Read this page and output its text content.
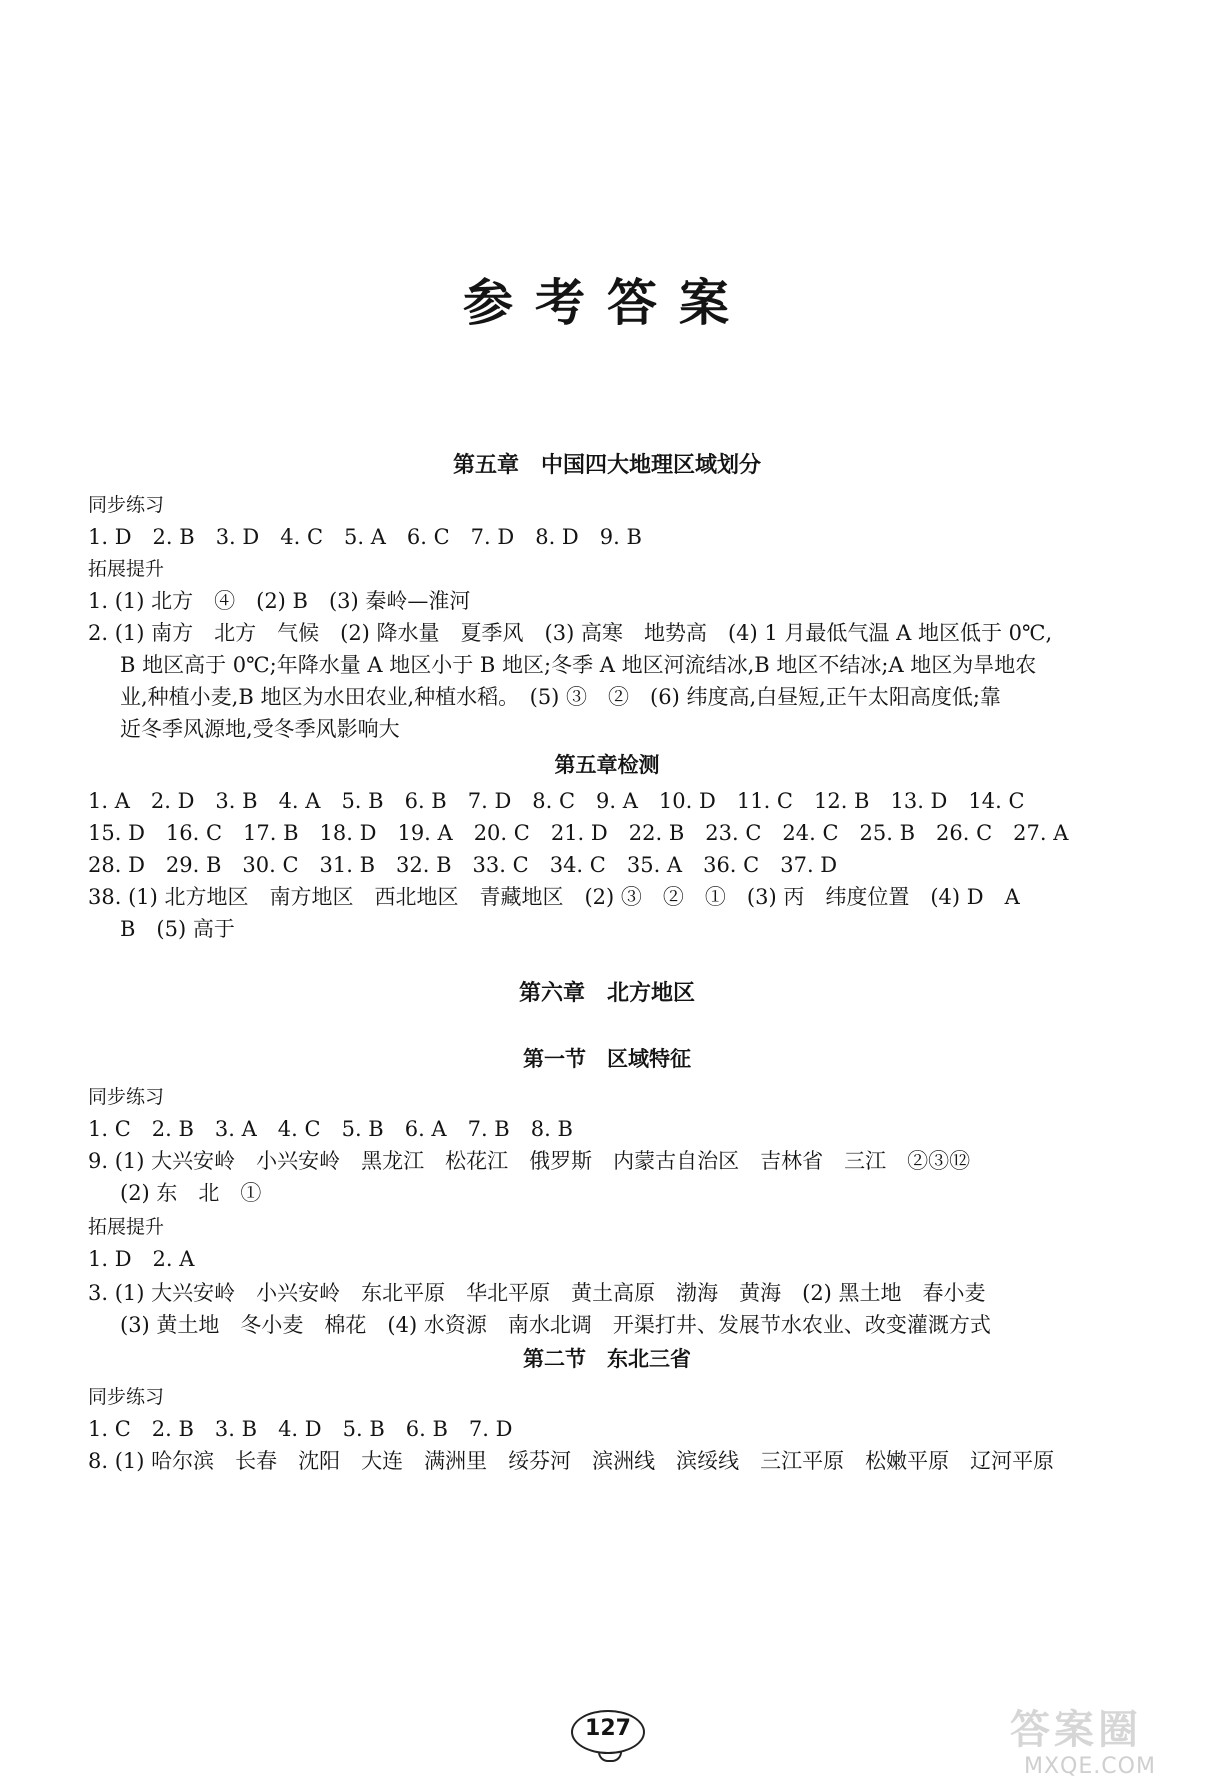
参考答案
第五章　中国四大地理区域划分

同步练习

1. D　2. B　3. D　4. C　5. A　6. C　7. D　8. D　9. B

拓展提升

1. (1) 北方　④　(2) B　(3) 秦岭—淮河

2. (1) 南方　北方　气候　(2) 降水量　夏季风　(3) 高寒　地势高　(4) 1 月最低气温 A 地区低于 0℃,

B 地区高于 0℃;年降水量 A 地区小于 B 地区;冬季 A 地区河流结冰,B 地区不结冰;A 地区为旱地农

业,种植小麦,B 地区为水田农业,种植水稻。　(5) ③　②　(6) 纬度高,白昼短,正午太阳高度低;靠

近冬季风源地,受冬季风影响大

第五章检测

1. A　2. D　3. B　4. A　5. B　6. B　7. D　8. C　9. A　10. D　11. C　12. B　13. D　14. C

15. D　16. C　17. B　18. D　19. A　20. C　21. D　22. B　23. C　24. C　25. B　26. C　27. A

28. D　29. B　30. C　31. B　32. B　33. C　34. C　35. A　36. C　37. D

38. (1) 北方地区　南方地区　西北地区　青藏地区　(2) ③　②　①　(3) 丙　纬度位置　(4) D　A

B　(5) 高于

第六章　北方地区
第一节　区域特征

同步练习

1. C　2. B　3. A　4. C　5. B　6. A　7. B　8. B

9. (1) 大兴安岭　小兴安岭　黑龙江　松花江　俄罗斯　内蒙古自治区　吉林省　三江　②③⑫

(2) 东　北　①

拓展提升

1. D　2. A

3. (1) 大兴安岭　小兴安岭　东北平原　华北平原　黄土高原　渤海　黄海　(2) 黑土地　春小麦

(3) 黄土地　冬小麦　棉花　(4) 水资源　南水北调　开渠打井、发展节水农业、改变灌溉方式

第二节　东北三省

同步练习

1. C　2. B　3. B　4. D　5. B　6. B　7. D

8. (1) 哈尔滨　长春　沈阳　大连　满洲里　绥芬河　滨洲线　滨绥线　三江平原　松嫩平原　辽河平原

127	答案圈
MXQE.COM
